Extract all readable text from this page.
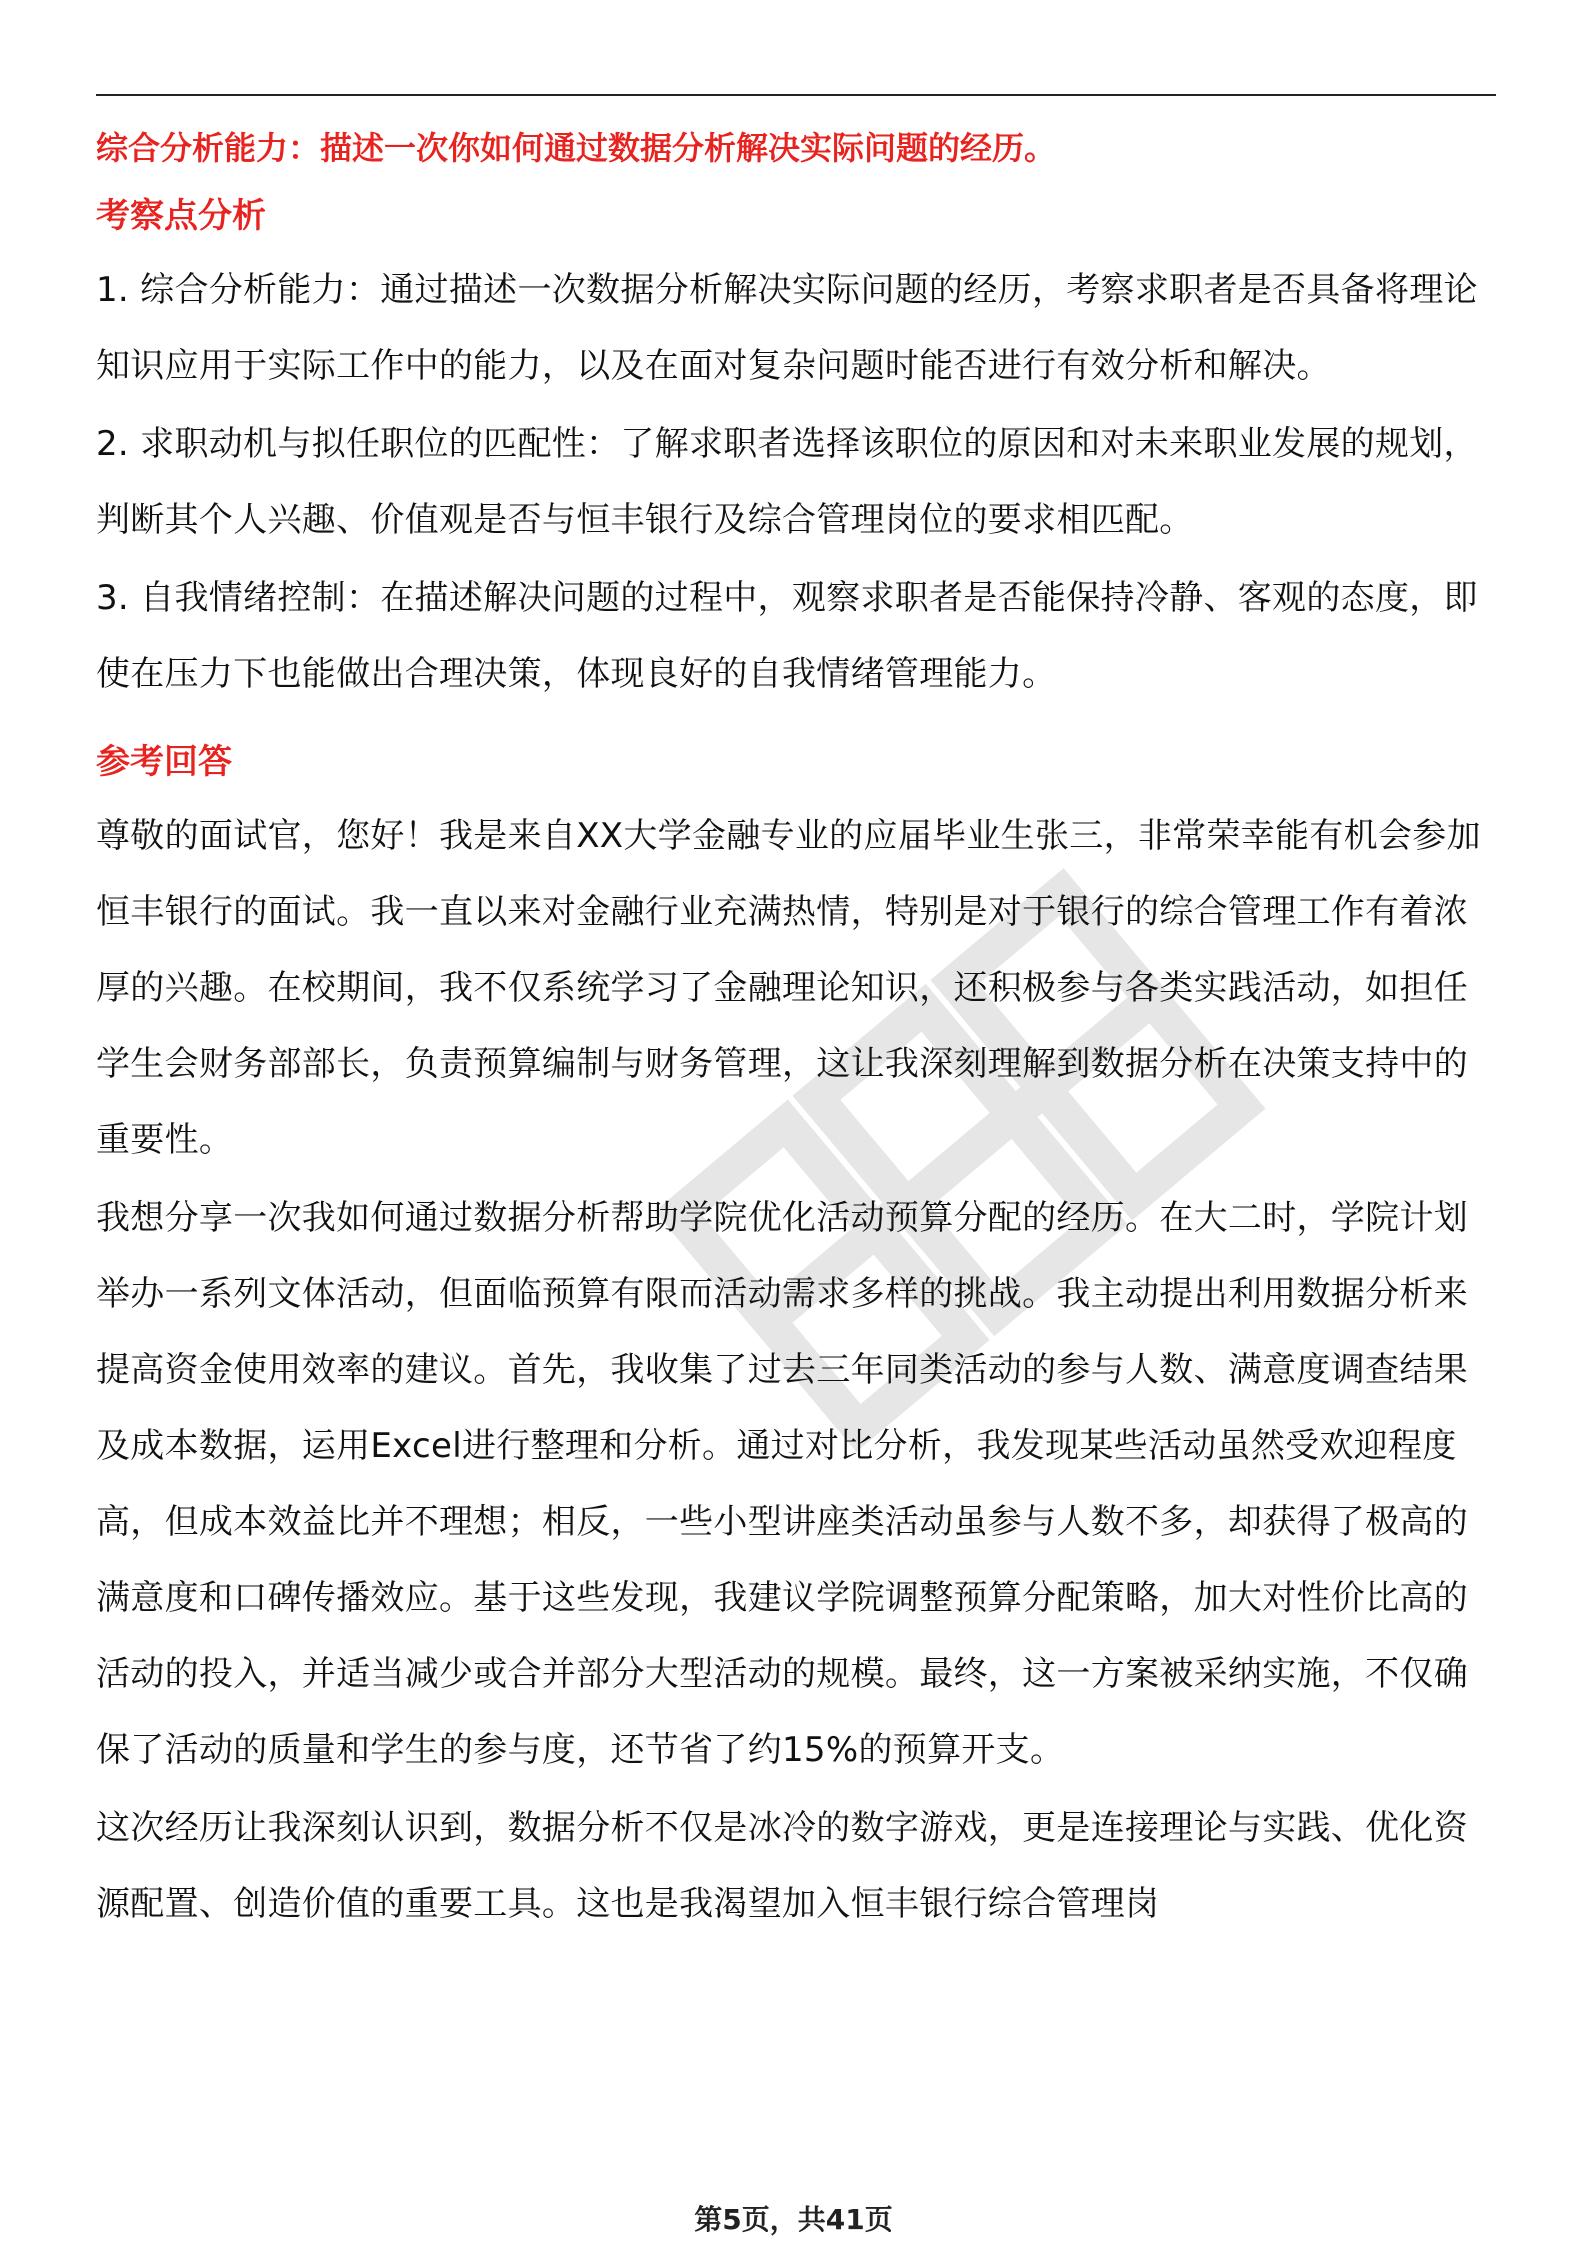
综合分析能力：描述一次你如何通过数据分析解决实际问题的经历。
考察点分析

1. 综合分析能力：通过描述一次数据分析解决实际问题的经历，考察求职者是否具备将理论知识应用于实际工作中的能力，以及在面对复杂问题时能否进行有效分析和解决。

2. 求职动机与拟任职位的匹配性：了解求职者选择该职位的原因和对未来职业发展的规划，判断其个人兴趣、价值观是否与恒丰银行及综合管理岗位的要求相匹配。

3. 自我情绪控制：在描述解决问题的过程中，观察求职者是否能保持冷静、客观的态度，即使在压力下也能做出合理决策，体现良好的自我情绪管理能力。

参考回答

尊敬的面试官，您好！我是来自XX大学金融专业的应届毕业生张三，非常荣幸能有机会参加恒丰银行的面试。我一直以来对金融行业充满热情，特别是对于银行的综合管理工作有着浓厚的兴趣。在校期间，我不仅系统学习了金融理论知识，还积极参与各类实践活动，如担任学生会财务部部长，负责预算编制与财务管理，这让我深刻理解到数据分析在决策支持中的重要性。

我想分享一次我如何通过数据分析帮助学院优化活动预算分配的经历。在大二时，学院计划举办一系列文体活动，但面临预算有限而活动需求多样的挑战。我主动提出利用数据分析来提高资金使用效率的建议。首先，我收集了过去三年同类活动的参与人数、满意度调查结果及成本数据，运用Excel进行整理和分析。通过对比分析，我发现某些活动虽然受欢迎程度高，但成本效益比并不理想；相反，一些小型讲座类活动虽参与人数不多，却获得了极高的满意度和口碑传播效应。基于这些发现，我建议学院调整预算分配策略，加大对性价比高的活动的投入，并适当减少或合并部分大型活动的规模。最终，这一方案被采纳实施，不仅确保了活动的质量和学生的参与度，还节省了约15%的预算开支。

这次经历让我深刻认识到，数据分析不仅是冰冷的数字游戏，更是连接理论与实践、优化资源配置、创造价值的重要工具。这也是我渴望加入恒丰银行综合管理岗

第5页，共41页
